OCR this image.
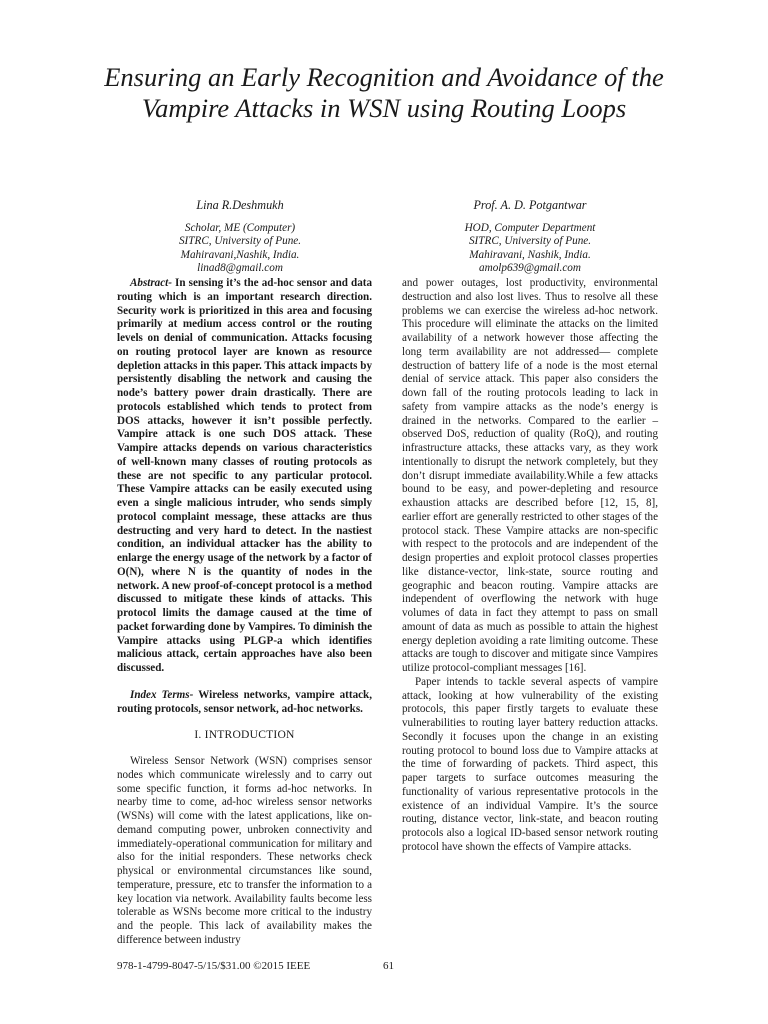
Ensuring an Early Recognition and Avoidance of the Vampire Attacks in WSN using Routing Loops
Lina R.Deshmukh
Scholar, ME (Computer)
SITRC, University of Pune.
Mahiravani,Nashik, India.
linad8@gmail.com
Prof. A. D. Potgantwar
HOD, Computer Department
SITRC, University of Pune.
Mahiravani, Nashik, India.
amolp639@gmail.com

Abstract- In sensing it’s the ad-hoc sensor and data routing which is an important research direction. Security work is prioritized in this area and focusing primarily at medium access control or the routing levels on denial of communication. Attacks focusing on routing protocol layer are known as resource depletion attacks in this paper. This attack impacts by persistently disabling the network and causing the node’s battery power drain drastically. There are protocols established which tends to protect from DOS attacks, however it isn’t possible perfectly. Vampire attack is one such DOS attack. These Vampire attacks depends on various characteristics of well-known many classes of routing protocols as these are not specific to any particular protocol. These Vampire attacks can be easily executed using even a single malicious intruder, who sends simply protocol complaint message, these attacks are thus destructing and very hard to detect. In the nastiest condition, an individual attacker has the ability to enlarge the energy usage of the network by a factor of O(N), where N is the quantity of nodes in the network. A new proof-of-concept protocol is a method discussed to mitigate these kinds of attacks. This protocol limits the damage caused at the time of packet forwarding done by Vampires. To diminish the Vampire attacks using PLGP-a which identifies malicious attack, certain approaches have also been discussed.

Index Terms- Wireless networks, vampire attack, routing protocols, sensor network, ad-hoc networks.

I. INTRODUCTION

Wireless Sensor Network (WSN) comprises sensor nodes which communicate wirelessly and to carry out some specific function, it forms ad-hoc networks. In nearby time to come, ad-hoc wireless sensor networks (WSNs) will come with the latest applications, like on-demand computing power, unbroken connectivity and immediately-operational communication for military and also for the initial responders. These networks check physical or environmental circumstances like sound, temperature, pressure, etc to transfer the information to a key location via network. Availability faults become less tolerable as WSNs become more critical to the industry and the people. This lack of availability makes the difference between industry

and power outages, lost productivity, environmental destruction and also lost lives. Thus to resolve all these problems we can exercise the wireless ad-hoc network. This procedure will eliminate the attacks on the limited availability of a network however those affecting the long term availability are not addressed— complete destruction of battery life of a node is the most eternal denial of service attack. This paper also considers the down fall of the routing protocols leading to lack in safety from vampire attacks as the node’s energy is drained in the networks. Compared to the earlier –observed DoS, reduction of quality (RoQ), and routing infrastructure attacks, these attacks vary, as they work intentionally to disrupt the network completely, but they don’t disrupt immediate availability.While a few attacks bound to be easy, and power-depleting and resource exhaustion attacks are described before [12, 15, 8], earlier effort are generally restricted to other stages of the protocol stack. These Vampire attacks are non-specific with respect to the protocols and are independent of the design properties and exploit protocol classes properties like distance-vector, link-state, source routing and geographic and beacon routing. Vampire attacks are independent of overflowing the network with huge volumes of data in fact they attempt to pass on small amount of data as much as possible to attain the highest energy depletion avoiding a rate limiting outcome. These attacks are tough to discover and mitigate since Vampires utilize protocol-compliant messages [16].

Paper intends to tackle several aspects of vampire attack, looking at how vulnerability of the existing protocols, this paper firstly targets to evaluate these vulnerabilities to routing layer battery reduction attacks. Secondly it focuses upon the change in an existing routing protocol to bound loss due to Vampire attacks at the time of forwarding of packets. Third aspect, this paper targets to surface outcomes measuring the functionality of various representative protocols in the existence of an individual Vampire. It’s the source routing, distance vector, link-state, and beacon routing protocols also a logical ID-based sensor network routing protocol have shown the effects of Vampire attacks.

978-1-4799-8047-5/15/$31.00 ©2015 IEEE	61
